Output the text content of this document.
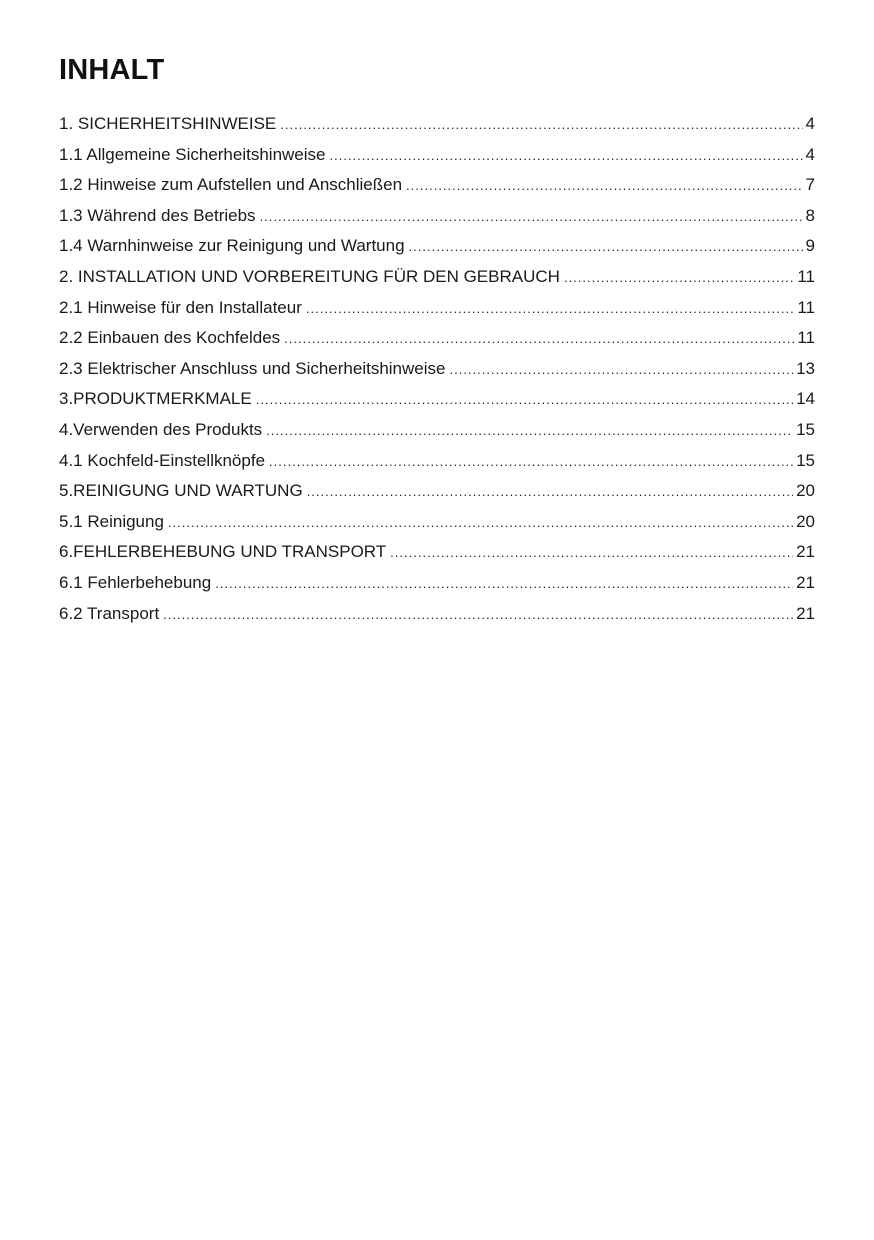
INHALT
1. SICHERHEITSHINWEISE .....	4
1.1 Allgemeine Sicherheitshinweise .....	4
1.2 Hinweise zum Aufstellen und Anschließen .....	7
1.3 Während des Betriebs .....	8
1.4 Warnhinweise zur Reinigung und Wartung .....	9
2. INSTALLATION UND VORBEREITUNG FÜR DEN GEBRAUCH .....	11
2.1 Hinweise für den Installateur .....	11
2.2 Einbauen des Kochfeldes .....	11
2.3 Elektrischer Anschluss und Sicherheitshinweise .....	13
3.PRODUKTMERKMALE .....	14
4.Verwenden des Produkts .....	15
4.1 Kochfeld-Einstellknöpfe .....	15
5.REINIGUNG UND WARTUNG .....	20
5.1 Reinigung .....	20
6.FEHLERBEHEBUNG UND TRANSPORT .....	21
6.1 Fehlerbehebung .....	21
6.2 Transport .....	21
